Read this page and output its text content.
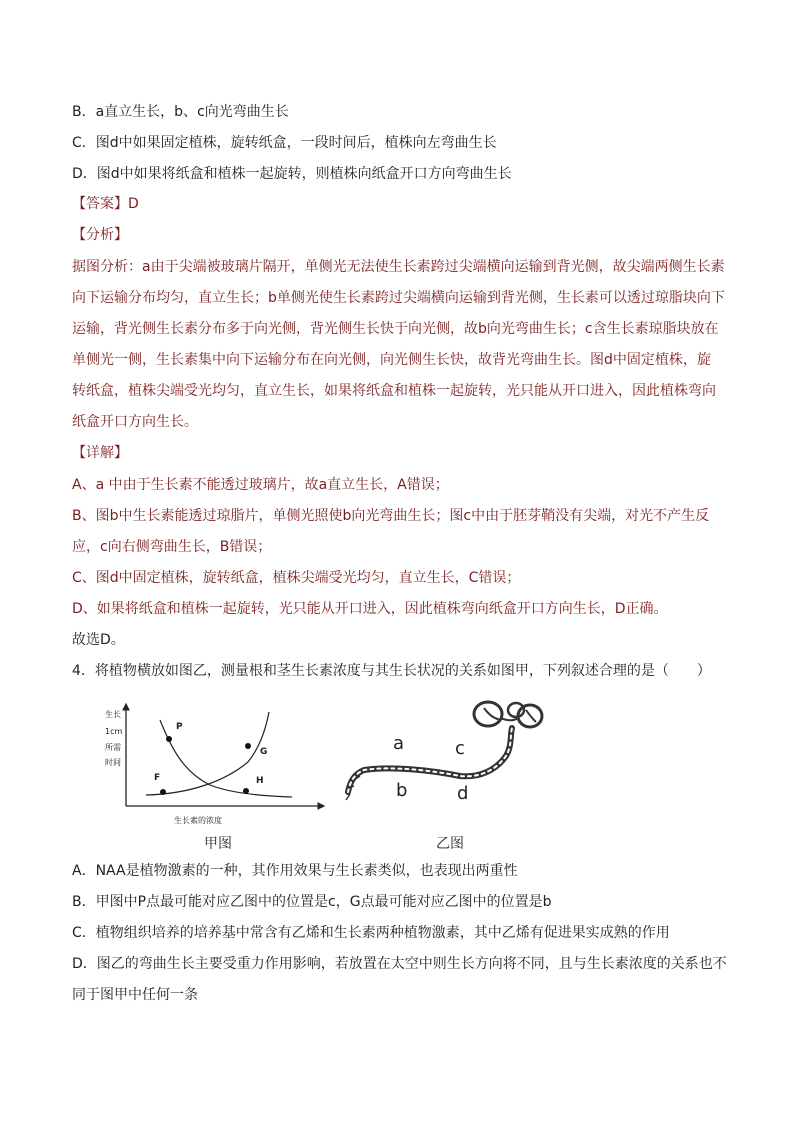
B．a直立生长，b、c向光弯曲生长
C．图d中如果固定植株，旋转纸盒，一段时间后，植株向左弯曲生长
D．图d中如果将纸盒和植株一起旋转，则植株向纸盒开口方向弯曲生长
【答案】D
【分析】
据图分析：a由于尖端被玻璃片隔开，单侧光无法使生长素跨过尖端横向运输到背光侧，故尖端两侧生长素
向下运输分布均匀，直立生长；b单侧光使生长素跨过尖端横向运输到背光侧，生长素可以透过琼脂块向下
运输，背光侧生长素分布多于向光侧，背光侧生长快于向光侧，故b向光弯曲生长；c含生长素琼脂块放在
单侧光一侧，生长素集中向下运输分布在向光侧，向光侧生长快，故背光弯曲生长。图d中固定植株，旋
转纸盒，植株尖端受光均匀，直立生长，如果将纸盒和植株一起旋转，光只能从开口进入，因此植株弯向
纸盒开口方向生长。
【详解】
A、a 中由于生长素不能透过玻璃片，故a直立生长，A错误；
B、图b中生长素能透过琼脂片，单侧光照使b向光弯曲生长；图c中由于胚芽鞘没有尖端，对光不产生反
应，c向右侧弯曲生长，B错误；
C、图d中固定植株，旋转纸盒，植株尖端受光均匀，直立生长，C错误；
D、如果将纸盒和植株一起旋转，光只能从开口进入，因此植株弯向纸盒开口方向生长，D正确。
故选D。
4．将植物横放如图乙，测量根和茎生长素浓度与其生长状况的关系如图甲，下列叙述合理的是（　　）
生长
1cm
所需
时间
生长素的浓度
P
G
F	H
甲图
a
b
c
d
乙图
A．NAA是植物激素的一种，其作用效果与生长素类似，也表现出两重性
B．甲图中P点最可能对应乙图中的位置是c，G点最可能对应乙图中的位置是b
C．植物组织培养的培养基中常含有乙烯和生长素两种植物激素，其中乙烯有促进果实成熟的作用
D．图乙的弯曲生长主要受重力作用影响，若放置在太空中则生长方向将不同，且与生长素浓度的关系也不
同于图甲中任何一条
